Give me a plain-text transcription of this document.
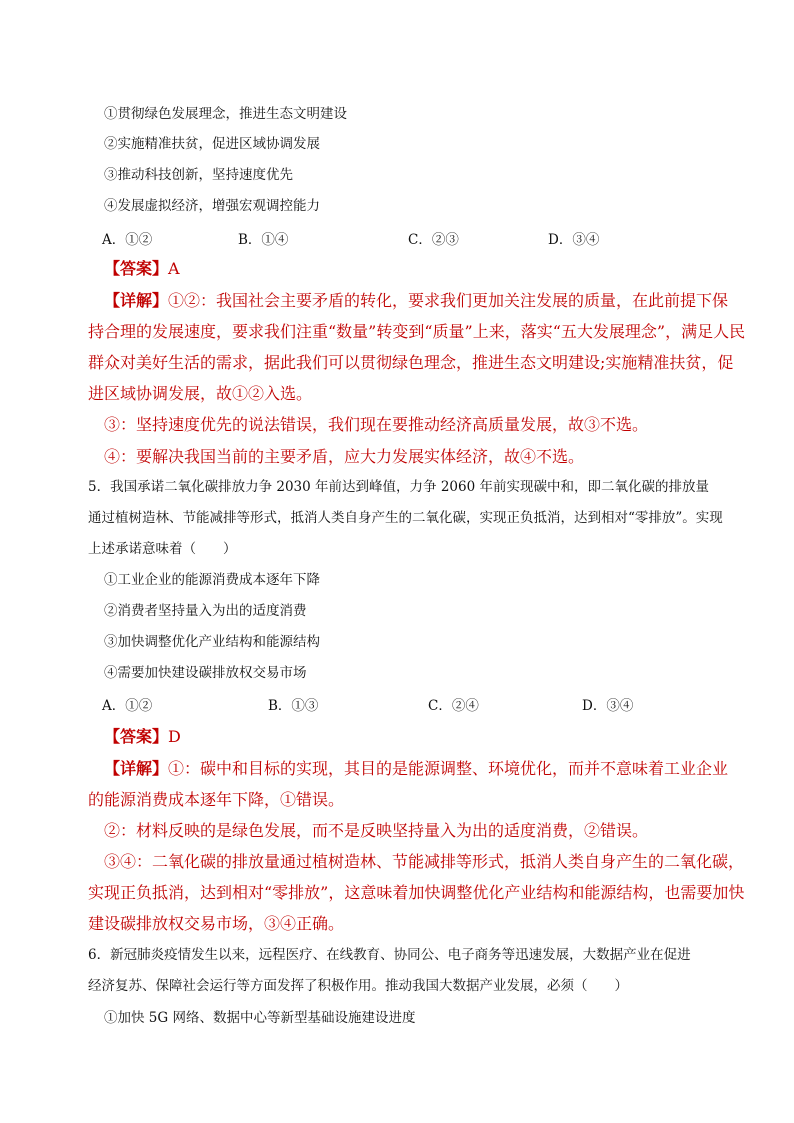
①贯彻绿色发展理念，推进生态文明建设
②实施精准扶贫，促进区域协调发展
③推动科技创新，坚持速度优先
④发展虚拟经济，增强宏观调控能力
A．①②	B．①④	C．②③	D．③④
【答案】A
【详解】①②：我国社会主要矛盾的转化，要求我们更加关注发展的质量，在此前提下保
持合理的发展速度，要求我们注重“数量”转变到“质量”上来，落实“五大发展理念”，满足人民
群众对美好生活的需求，据此我们可以贯彻绿色理念，推进生态文明建设;实施精准扶贫，促
进区域协调发展，故①②入选。
③：坚持速度优先的说法错误，我们现在要推动经济高质量发展，故③不选。
④：要解决我国当前的主要矛盾，应大力发展实体经济，故④不选。
5．我国承诺二氧化碳排放力争 2030 年前达到峰值，力争 2060 年前实现碳中和，即二氧化碳的排放量
通过植树造林、节能减排等形式，抵消人类自身产生的二氧化碳，实现正负抵消，达到相对“零排放”。实现
上述承诺意味着（　　）
①工业企业的能源消费成本逐年下降
②消费者坚持量入为出的适度消费
③加快调整优化产业结构和能源结构
④需要加快建设碳排放权交易市场
A．①②	B．①③	C．②④	D．③④
【答案】D
【详解】①：碳中和目标的实现，其目的是能源调整、环境优化，而并不意味着工业企业
的能源消费成本逐年下降，①错误。
②：材料反映的是绿色发展，而不是反映坚持量入为出的适度消费，②错误。
③④：二氧化碳的排放量通过植树造林、节能减排等形式，抵消人类自身产生的二氧化碳，
实现正负抵消，达到相对“零排放”，这意味着加快调整优化产业结构和能源结构，也需要加快
建设碳排放权交易市场，③④正确。
6．新冠肺炎疫情发生以来，远程医疗、在线教育、协同公、电子商务等迅速发展，大数据产业在促进
经济复苏、保障社会运行等方面发挥了积极作用。推动我国大数据产业发展，必须（　　）
①加快 5G 网络、数据中心等新型基础设施建设进度
